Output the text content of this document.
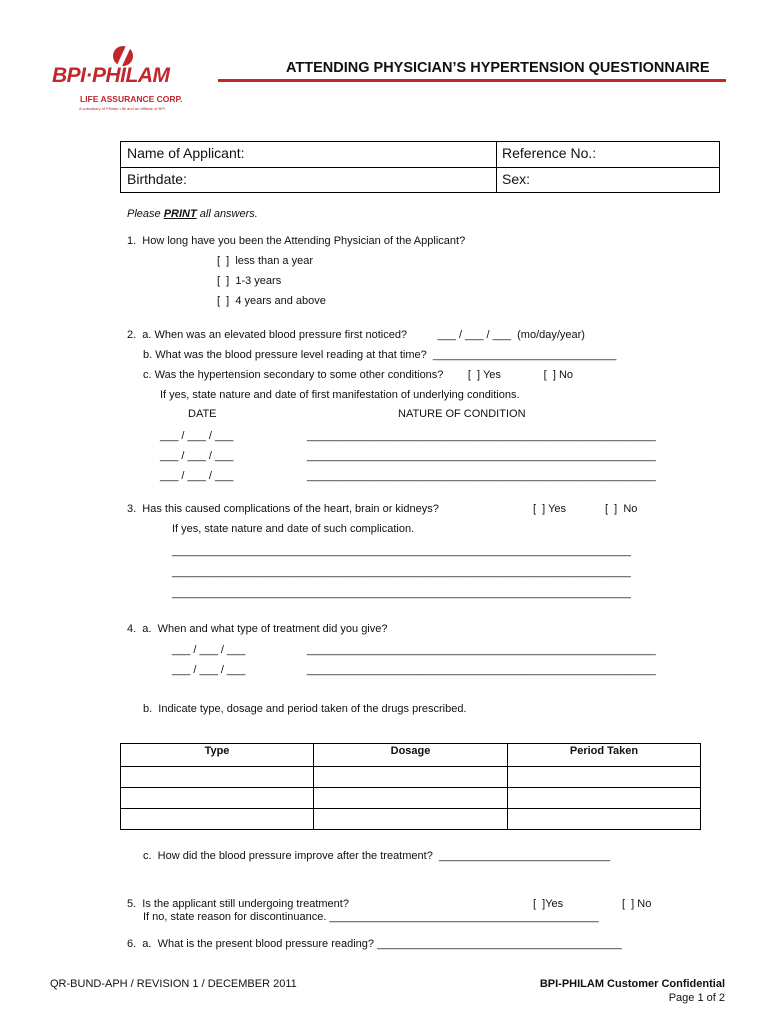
BPI·PHILAM
LIFE ASSURANCE CORP.
A subsidiary of Philam Life and an affiliate of BPI
ATTENDING PHYSICIAN’S HYPERTENSION QUESTIONNAIRE
Name of Applicant:	Reference No.:
Birthdate:	Sex:
Please PRINT all answers.
1.  How long have you been the Attending Physician of the Applicant?
[  ]  less than a year
[  ]  1-3 years
[  ]  4 years and above
2.  a. When was an elevated blood pressure first noticed?          ___ / ___ / ___  (mo/day/year)
b. What was the blood pressure level reading at that time?  ______________________________
c. Was the hypertension secondary to some other conditions?        [  ] Yes              [  ] No
If yes, state nature and date of first manifestation of underlying conditions.
DATE	NATURE OF CONDITION
___ / ___ / ___	_________________________________________________________
___ / ___ / ___	_________________________________________________________
___ / ___ / ___	_________________________________________________________
3.  Has this caused complications of the heart, brain or kidneys?	[  ] Yes	[  ]  No
If yes, state nature and date of such complication.
___________________________________________________________________________
___________________________________________________________________________
___________________________________________________________________________
4.  a.  When and what type of treatment did you give?
___ / ___ / ___	_________________________________________________________
___ / ___ / ___	_________________________________________________________
b.  Indicate type, dosage and period taken of the drugs prescribed.
Type	Dosage	Period Taken

c.  How did the blood pressure improve after the treatment?  ____________________________
5.  Is the applicant still undergoing treatment?	[  ]Yes	[  ] No
If no, state reason for discontinuance. ____________________________________________
6.  a.  What is the present blood pressure reading? ________________________________________
QR-BUND-APH / REVISION 1 / DECEMBER 2011	BPI-PHILAM Customer Confidential
Page 1 of 2
